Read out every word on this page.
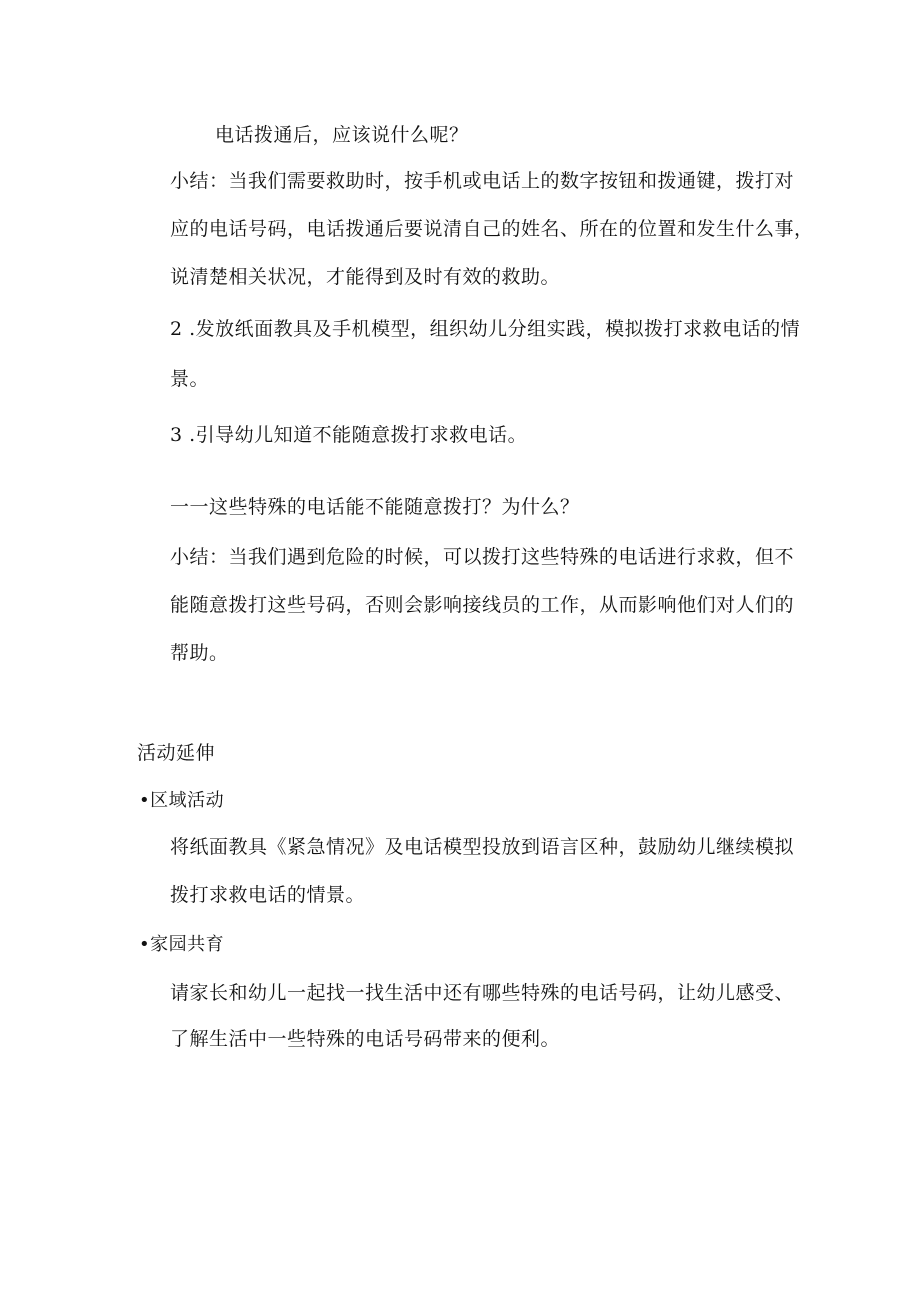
电话拨通后，应该说什么呢？
小结：当我们需要救助时，按手机或电话上的数字按钮和拨通键，拨打对
应的电话号码，电话拨通后要说清自己的姓名、所在的位置和发生什么事，
说清楚相关状况，才能得到及时有效的救助。
2 .发放纸面教具及手机模型，组织幼儿分组实践，模拟拨打求救电话的情
景。
3 .引导幼儿知道不能随意拨打求救电话。
一一这些特殊的电话能不能随意拨打？为什么？
小结：当我们遇到危险的时候，可以拨打这些特殊的电话进行求救，但不
能随意拨打这些号码，否则会影响接线员的工作，从而影响他们对人们的
帮助。
活动延伸
•区域活动
将纸面教具《紧急情况》及电话模型投放到语言区种，鼓励幼儿继续模拟
拨打求救电话的情景。
•家园共育
请家长和幼儿一起找一找生活中还有哪些特殊的电话号码，让幼儿感受、
了解生活中一些特殊的电话号码带来的便利。
